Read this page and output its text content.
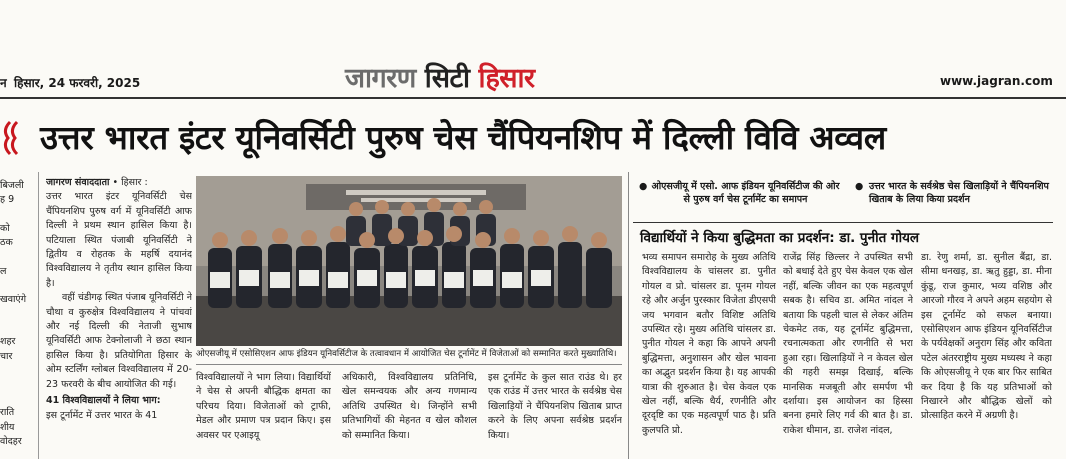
न हिसार, 24 फरवरी, 2025	जागरण सिटी हिसार	www.jagran.com
उत्तर भारत इंटर यूनिवर्सिटी पुरुष चेस चैंपियनशिप में दिल्ली विवि अव्वल
बिजली
ह 9
को
ठक
ल
खवाएंगे
शहर
चार
राति
शीय
वोदहर

जागरण संवाददाता • हिसार :

उत्तर भारत इंटर यूनिवर्सिटी चेस चैंपियनशिप पुरुष वर्ग में यूनिवर्सिटी आफ दिल्ली ने प्रथम स्थान हासिल किया है। पटियाला स्थित पंजाबी यूनिवर्सिटी ने द्वितीय व रोहतक के महर्षि दयानंद विश्वविद्यालय ने तृतीय स्थान हासिल किया है।

वहीं चंडीगढ़ स्थित पंजाब यूनिवर्सिटी ने चौथा व कुरुक्षेत्र विश्वविद्यालय ने पांचवां और नई दिल्ली की नेताजी सुभाष यूनिवर्सिटी आफ टेक्नोलाजी ने छठा स्थान हासिल किया है। प्रतियोगिता हिसार के ओम स्टर्लिंग ग्लोबल विश्वविद्यालय में 20-23 फरवरी के बीच आयोजित की गई।

41 विश्वविद्यालयों ने लिया भाग:

इस टूर्नामेंट में उत्तर भारत के 41

ओएसजीयू में एसोसिएशन आफ इंडियन यूनिवर्सिटीज के तत्वावधान में आयोजित चेस टूर्नामेंट में विजेताओं को सम्मानित करते मुख्यातिथि।
विश्वविद्यालयों ने भाग लिया। विद्यार्थियों ने चेस से अपनी बौद्धिक क्षमता का परिचय दिया। विजेताओं को ट्राफी, मेडल और प्रमाण पत्र प्रदान किए। इस अवसर पर एआइयू
अधिकारी, विश्वविद्यालय प्रतिनिधि, खेल समन्वयक और अन्य गणमान्य अतिथि उपस्थित थे। जिन्होंने सभी प्रतिभागियों की मेहनत व खेल कौशल को सम्मानित किया।
इस टूर्नामेंट के कुल सात राउंड थे। हर एक राउंड में उत्तर भारत के सर्वश्रेष्ठ चेस खिलाड़ियों ने चैंपियनशिप खिताब प्राप्त करने के लिए अपना सर्वश्रेष्ठ प्रदर्शन किया।
● ओएसजीयू में एसो. आफ इंडियन यूनिवर्सिटीज की ओर से पुरुष वर्ग चेस टूर्नामेंट का समापन
● उत्तर भारत के सर्वश्रेष्ठ चेस खिलाड़ियों ने चैंपियनशिप खिताब के लिया किया प्रदर्शन
विद्यार्थियों ने किया बुद्धिमता का प्रदर्शन: डा. पुनीत गोयल
भव्य समापन समारोह के मुख्य अतिथि विश्वविद्यालय के चांसलर डा. पुनीत गोयल व प्रो. चांसलर डा. पूनम गोयल रहे और अर्जुन पुरस्कार विजेता डीएसपी जय भगवान बतौर विशिष्ट अतिथि उपस्थित रहे। मुख्य अतिथि चांसलर डा. पुनीत गोयल ने कहा कि आपने अपनी बुद्धिमत्ता, अनुशासन और खेल भावना का अद्भुत प्रदर्शन किया है। यह आपकी यात्रा की शुरुआत है। चेस केवल एक खेल नहीं, बल्कि धैर्य, रणनीति और दूरदृष्टि का एक महत्वपूर्ण पाठ है। प्रति कुलपति प्रो.
राजेंद्र सिंह छिल्लर ने उपस्थित सभी को बधाई देते हुए चेस केवल एक खेल नहीं, बल्कि जीवन का एक महत्वपूर्ण सबक है। सचिव डा. अमित नांदल ने बताया कि पहली चाल से लेकर अंतिम चेकमेट तक, यह टूर्नामेंट बुद्धिमत्ता, रचनात्मकता और रणनीति से भरा हुआ रहा। खिलाड़ियों ने न केवल खेल की गहरी समझ दिखाई, बल्कि मानसिक मजबूती और समर्पण भी दर्शाया। इस आयोजन का हिस्सा बनना हमारे लिए गर्व की बात है। डा. राकेश धीमान, डा. राजेश नांदल,
डा. रेणु शर्मा, डा. सुनील बैंद्रा, डा. सीमा धनखड़, डा. ऋतु हुड्डा, डा. मीना कुंडू, राज कुमार, भव्य वशिष्ठ और आरजो गौरव ने अपने अहम सहयोग से इस टूर्नामेंट को सफल बनाया। एसोसिएशन आफ इंडियन यूनिवर्सिटीज के पर्यवेक्षकों अनुराग सिंह और कविता पटेल अंतरराष्ट्रीय मुख्य मध्यस्थ ने कहा कि ओएसजीयू ने एक बार फिर साबित कर दिया है कि यह प्रतिभाओं को निखारने और बौद्धिक खेलों को प्रोत्साहित करने में अग्रणी है।
